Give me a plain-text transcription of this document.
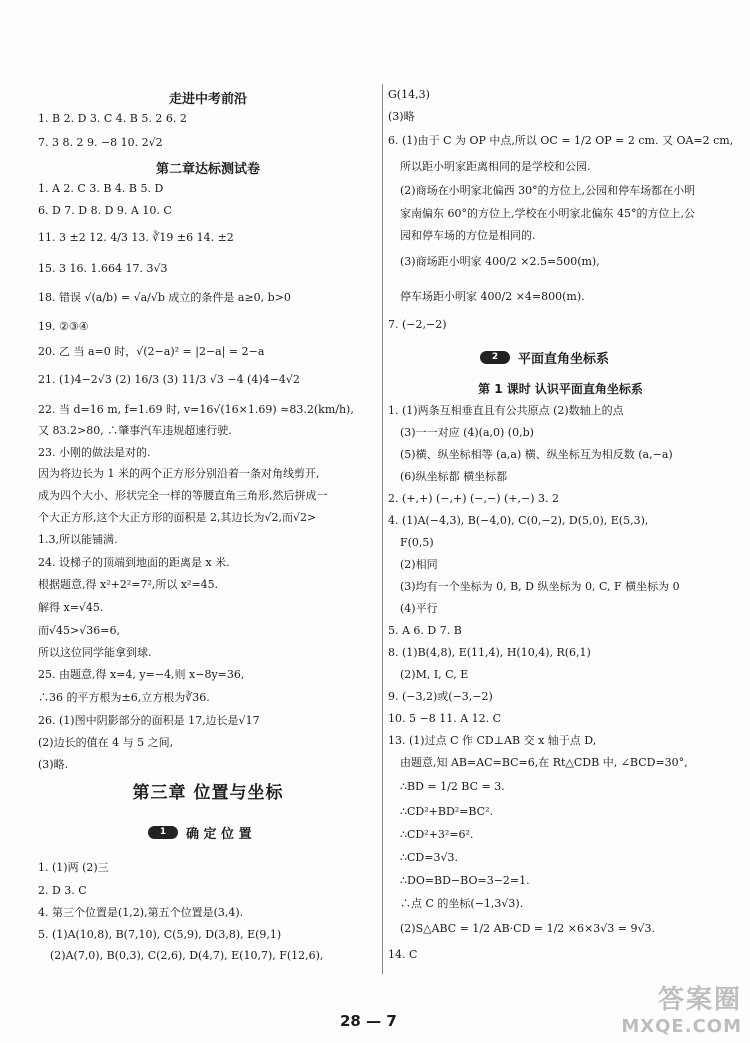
走进中考前沿
1. B 2. D 3. C 4. B 5. 2 6. 2
7. 3 8. 2 9. −8 10. 2√2
第二章达标测试卷
1. A 2. C 3. B 4. B 5. D
6. D 7. D 8. D 9. A 10. C
11. 3 ±2 12. 4/3 13. ∛19 ±6 14. ±2
15. 3 16. 1.664 17. 3√3
18. 错误 √(a/b) = √a/√b 成立的条件是 a≥0, b>0
19. ②③④
20. 乙 当 a=0 时，√(2−a)² = |2−a| = 2−a
21. (1)4−2√3 (2) 16/3 (3) 11/3 √3 −4 (4)4−4√2
22. 当 d=16 m, f=1.69 时, v=16√(16×1.69) ≈83.2(km/h),
又 83.2>80, ∴肇事汽车违规超速行驶.
23. 小刚的做法是对的.
因为将边长为 1 米的两个正方形分别沿着一条对角线剪开,
成为四个大小、形状完全一样的等腰直角三角形,然后拼成一
个大正方形,这个大正方形的面积是 2,其边长为√2,而√2>
1.3,所以能铺满.
24. 设梯子的顶端到地面的距离是 x 米.
根据题意,得 x²+2²=7²,所以 x²=45.
解得 x=√45.
而√45>√36=6,
所以这位同学能拿到球.
25. 由题意,得 x=4, y=−4,则 x−8y=36,
∴36 的平方根为±6,立方根为∛36.
26. (1)图中阴影部分的面积是 17,边长是√17
(2)边长的值在 4 与 5 之间,
(3)略.
第三章 位置与坐标
1	确 定 位 置
1. (1)两 (2)三
2. D 3. C
4. 第三个位置是(1,2),第五个位置是(3,4).
5. (1)A(10,8), B(7,10), C(5,9), D(3,8), E(9,1)
(2)A(7,0), B(0,3), C(2,6), D(4,7), E(10,7), F(12,6),
G(14,3)
(3)略
6. (1)由于 C 为 OP 中点,所以 OC = 1/2 OP = 2 cm. 又 OA=2 cm,
所以距小明家距离相同的是学校和公园.
(2)商场在小明家北偏西 30°的方位上,公园和停车场都在小明
家南偏东 60°的方位上,学校在小明家北偏东 45°的方位上,公
园和停车场的方位是相同的.
(3)商场距小明家 400/2 ×2.5=500(m),
停车场距小明家 400/2 ×4=800(m).
7. (−2,−2)
2	平面直角坐标系
第 1 课时 认识平面直角坐标系
1. (1)两条互相垂直且有公共原点 (2)数轴上的点
(3)一一对应 (4)(a,0) (0,b)
(5)横、纵坐标相等 (a,a) 横、纵坐标互为相反数 (a,−a)
(6)纵坐标都 横坐标都
2. (+,+) (−,+) (−,−) (+,−) 3. 2
4. (1)A(−4,3), B(−4,0), C(0,−2), D(5,0), E(5,3),
F(0,5)
(2)相同
(3)均有一个坐标为 0, B, D 纵坐标为 0, C, F 横坐标为 0
(4)平行
5. A 6. D 7. B
8. (1)B(4,8), E(11,4), H(10,4), R(6,1)
(2)M, I, C, E
9. (−3,2)或(−3,−2)
10. 5 −8 11. A 12. C
13. (1)过点 C 作 CD⊥AB 交 x 轴于点 D,
由题意,知 AB=AC=BC=6,在 Rt△CDB 中, ∠BCD=30°,
∴BD = 1/2 BC = 3.
∴CD²+BD²=BC².
∴CD²+3²=6².
∴CD=3√3.
∴DO=BD−BO=3−2=1.
∴点 C 的坐标(−1,3√3).
(2)S△ABC = 1/2 AB·CD = 1/2 ×6×3√3 = 9√3.
14. C
28 — 7
答案圈
MXQE.COM
